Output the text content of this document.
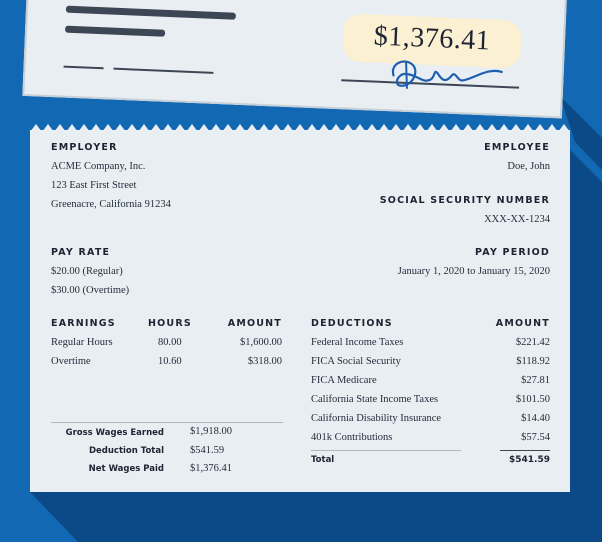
$1,376.41
EMPLOYER
ACME Company, Inc.
123 East First Street
Greenacre, California 91234
EMPLOYEE
Doe, John
SOCIAL SECURITY NUMBER
XXX-XX-1234
PAY RATE
$20.00 (Regular)
$30.00 (Overtime)
PAY PERIOD
January 1, 2020 to January 15, 2020
EARNINGS	HOURS	AMOUNT
Regular Hours	80.00	$1,600.00
Overtime	10.60	$318.00
Gross Wages Earned $1,918.00
Deduction Total $541.59
Net Wages Paid $1,376.41
DEDUCTIONS	AMOUNT
Federal Income Taxes	$221.42
FICA Social Security	$118.92
FICA Medicare	$27.81
California State Income Taxes	$101.50
California Disability Insurance	$14.40
401k Contributions	$57.54
Total	$541.59
